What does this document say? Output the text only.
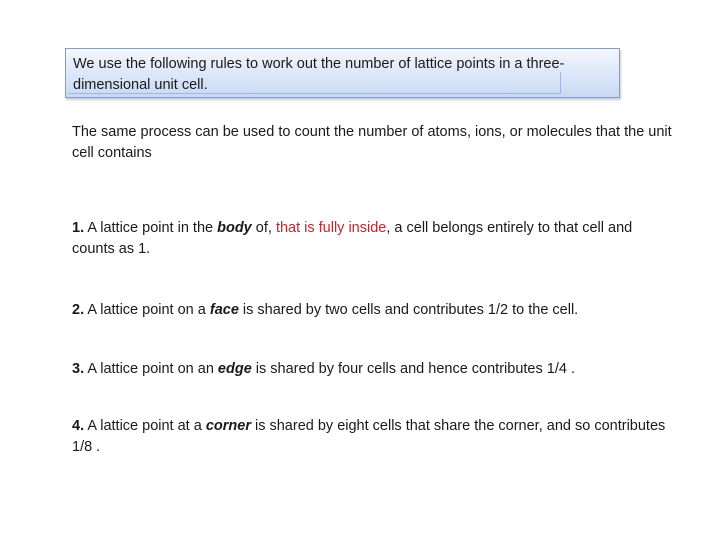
We use the following rules to work out the number of lattice points in a three-dimensional unit cell.

The same process can be used to count the number of atoms, ions, or molecules that the unit cell contains

1. A lattice point in the body of, that is fully inside, a cell belongs entirely to that cell and counts as 1.

2. A lattice point on a face is shared by two cells and contributes 1/2 to the cell.

3. A lattice point on an edge is shared by four cells and hence contributes 1/4 .

4. A lattice point at a corner is shared by eight cells that share the corner, and so contributes 1/8 .
